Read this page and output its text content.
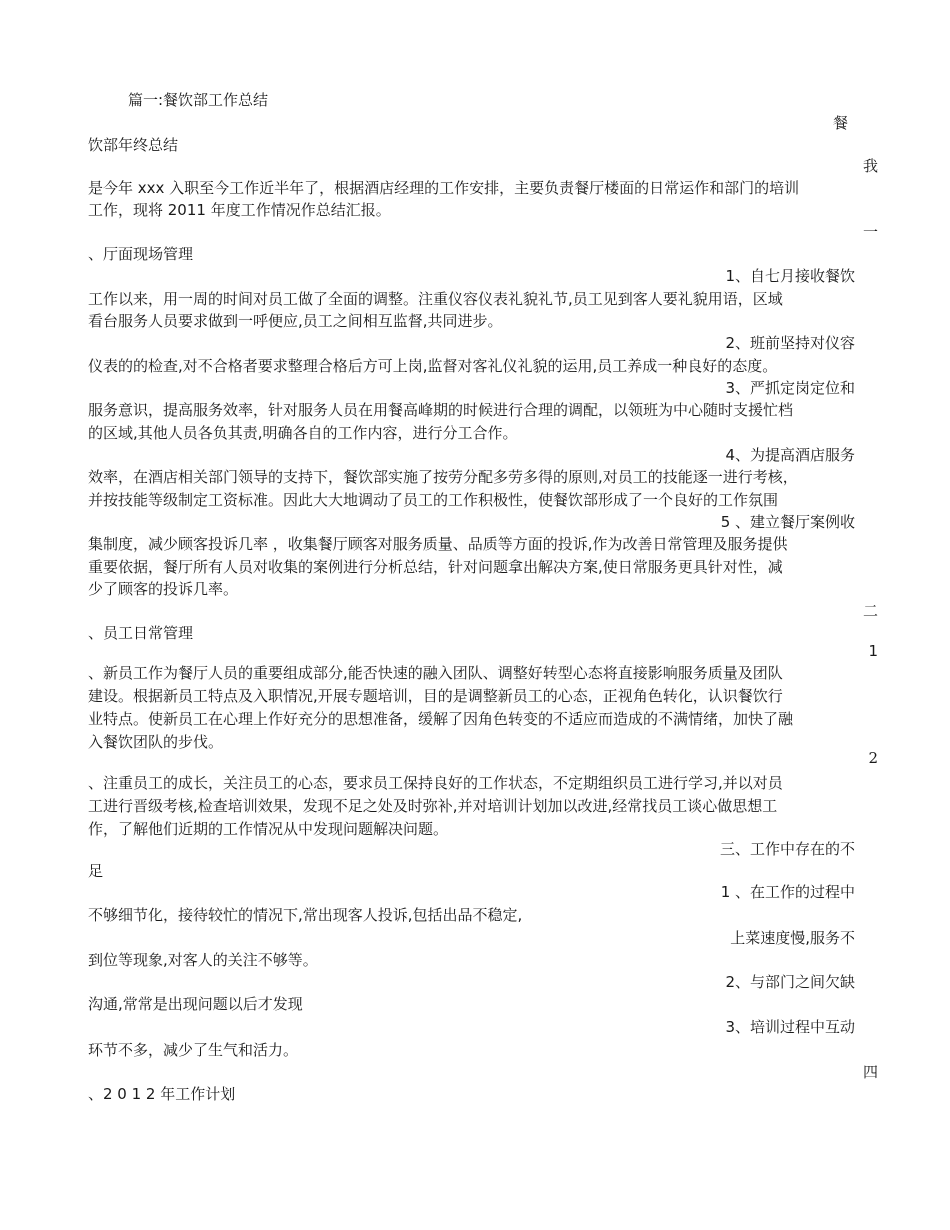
篇一:餐饮部工作总结
餐
饮部年终总结
我
是今年 xxx 入职至今工作近半年了，根据酒店经理的工作安排，主要负责餐厅楼面的日常运作和部门的培训
工作，现将 2011 年度工作情况作总结汇报。
一
、厅面现场管理
1、自七月接收餐饮
工作以来，用一周的时间对员工做了全面的调整。注重仪容仪表礼貌礼节,员工见到客人要礼貌用语，区域
看台服务人员要求做到一呼便应,员工之间相互监督,共同进步。
2、班前坚持对仪容
仪表的的检查,对不合格者要求整理合格后方可上岗,监督对客礼仪礼貌的运用,员工养成一种良好的态度。
3、严抓定岗定位和
服务意识，提高服务效率，针对服务人员在用餐高峰期的时候进行合理的调配，以领班为中心随时支援忙档
的区域,其他人员各负其责,明确各自的工作内容，进行分工合作。
4、为提高酒店服务
效率，在酒店相关部门领导的支持下，餐饮部实施了按劳分配多劳多得的原则,对员工的技能逐一进行考核，
并按技能等级制定工资标准。因此大大地调动了员工的工作积极性，使餐饮部形成了一个良好的工作氛围
5 、建立餐厅案例收
集制度，减少顾客投诉几率 ，收集餐厅顾客对服务质量、品质等方面的投诉,作为改善日常管理及服务提供
重要依据，餐厅所有人员对收集的案例进行分析总结，针对问题拿出解决方案,使日常服务更具针对性，减
少了顾客的投诉几率。
二
、员工日常管理
1
、新员工作为餐厅人员的重要组成部分,能否快速的融入团队、调整好转型心态将直接影响服务质量及团队
建设。根据新员工特点及入职情况,开展专题培训，目的是调整新员工的心态，正视角色转化，认识餐饮行
业特点。使新员工在心理上作好充分的思想准备，缓解了因角色转变的不适应而造成的不满情绪，加快了融
入餐饮团队的步伐。
2
、注重员工的成长，关注员工的心态，要求员工保持良好的工作状态，不定期组织员工进行学习,并以对员
工进行晋级考核,检查培训效果，发现不足之处及时弥补,并对培训计划加以改进,经常找员工谈心做思想工
作，了解他们近期的工作情况从中发现问题解决问题。
三、工作中存在的不
足
1 、在工作的过程中
不够细节化，接待较忙的情况下,常出现客人投诉,包括出品不稳定,
上菜速度慢,服务不
到位等现象,对客人的关注不够等。
2、与部门之间欠缺
沟通,常常是出现问题以后才发现
3、培训过程中互动
环节不多，减少了生气和活力。
四
、2 0 1 2 年工作计划
